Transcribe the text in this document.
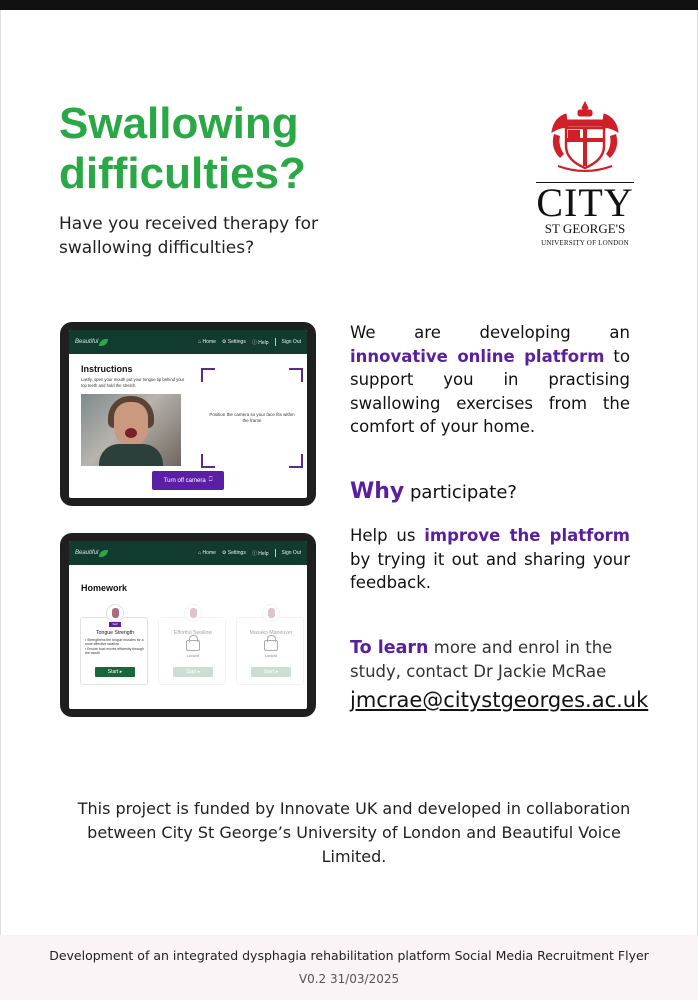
Swallowing difficulties?

Have you received therapy for swallowing difficulties?

CITY
ST GEORGE'S
UNIVERSITY OF LONDON
Beautiful	⌂ Home ⚙ Settings ⓘ Help	Sign Out
Instructions
Lastly, open your mouth put your tongue tip behind your top teeth and hold the stretch.
Position the camera so your face fits within the frame
Turn off camera ⎕
Beautiful	⌂ Home ⚙ Settings ⓘ Help	Sign Out
Homework
Sell
Tongue Strength
• Strengthens the tongue muscles for a more effective swallow
• Ensure food moves efficiently through the mouth
Start ▸
Effortful Swallow
Locked
Start ▸
Masako Maneuver
Locked
Start ▸

We are developing an innovative online platform to support you in practising swallowing exercises from the comfort of your home.

Why participate?

Help us improve the platform by trying it out and sharing your feedback.

To learn more and enrol in the study, contact Dr Jackie McRae

jmcrae@citystgeorges.ac.uk

This project is funded by Innovate UK and developed in collaboration between City St George’s University of London and Beautiful Voice Limited.

Development of an integrated dysphagia rehabilitation platform Social Media Recruitment Flyer
V0.2 31/03/2025
